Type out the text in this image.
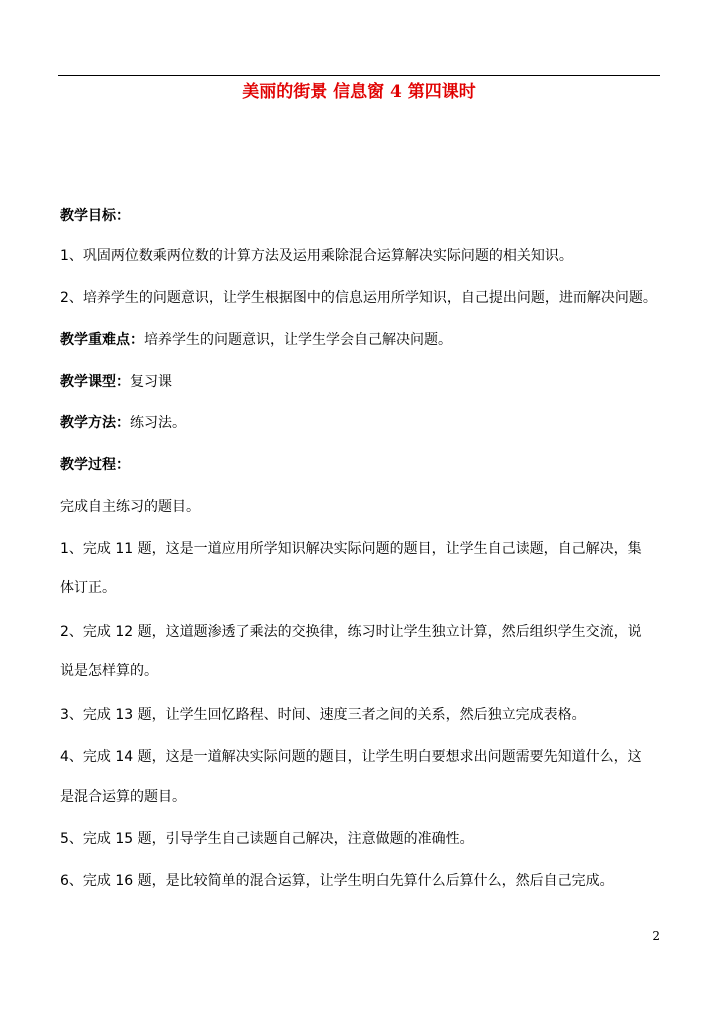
美丽的街景 信息窗 4 第四课时
教学目标：
1、巩固两位数乘两位数的计算方法及运用乘除混合运算解决实际问题的相关知识。
2、培养学生的问题意识，让学生根据图中的信息运用所学知识，自己提出问题，进而解决问题。
教学重难点：培养学生的问题意识，让学生学会自己解决问题。
教学课型：复习课
教学方法：练习法。
教学过程：
完成自主练习的题目。
1、完成 11 题，这是一道应用所学知识解决实际问题的题目，让学生自己读题，自己解决，集
体订正。
2、完成 12 题，这道题渗透了乘法的交换律，练习时让学生独立计算，然后组织学生交流，说
说是怎样算的。
3、完成 13 题，让学生回忆路程、时间、速度三者之间的关系，然后独立完成表格。
4、完成 14 题，这是一道解决实际问题的题目，让学生明白要想求出问题需要先知道什么，这
是混合运算的题目。
5、完成 15 题，引导学生自己读题自己解决，注意做题的准确性。
6、完成 16 题，是比较简单的混合运算，让学生明白先算什么后算什么，然后自己完成。
2
